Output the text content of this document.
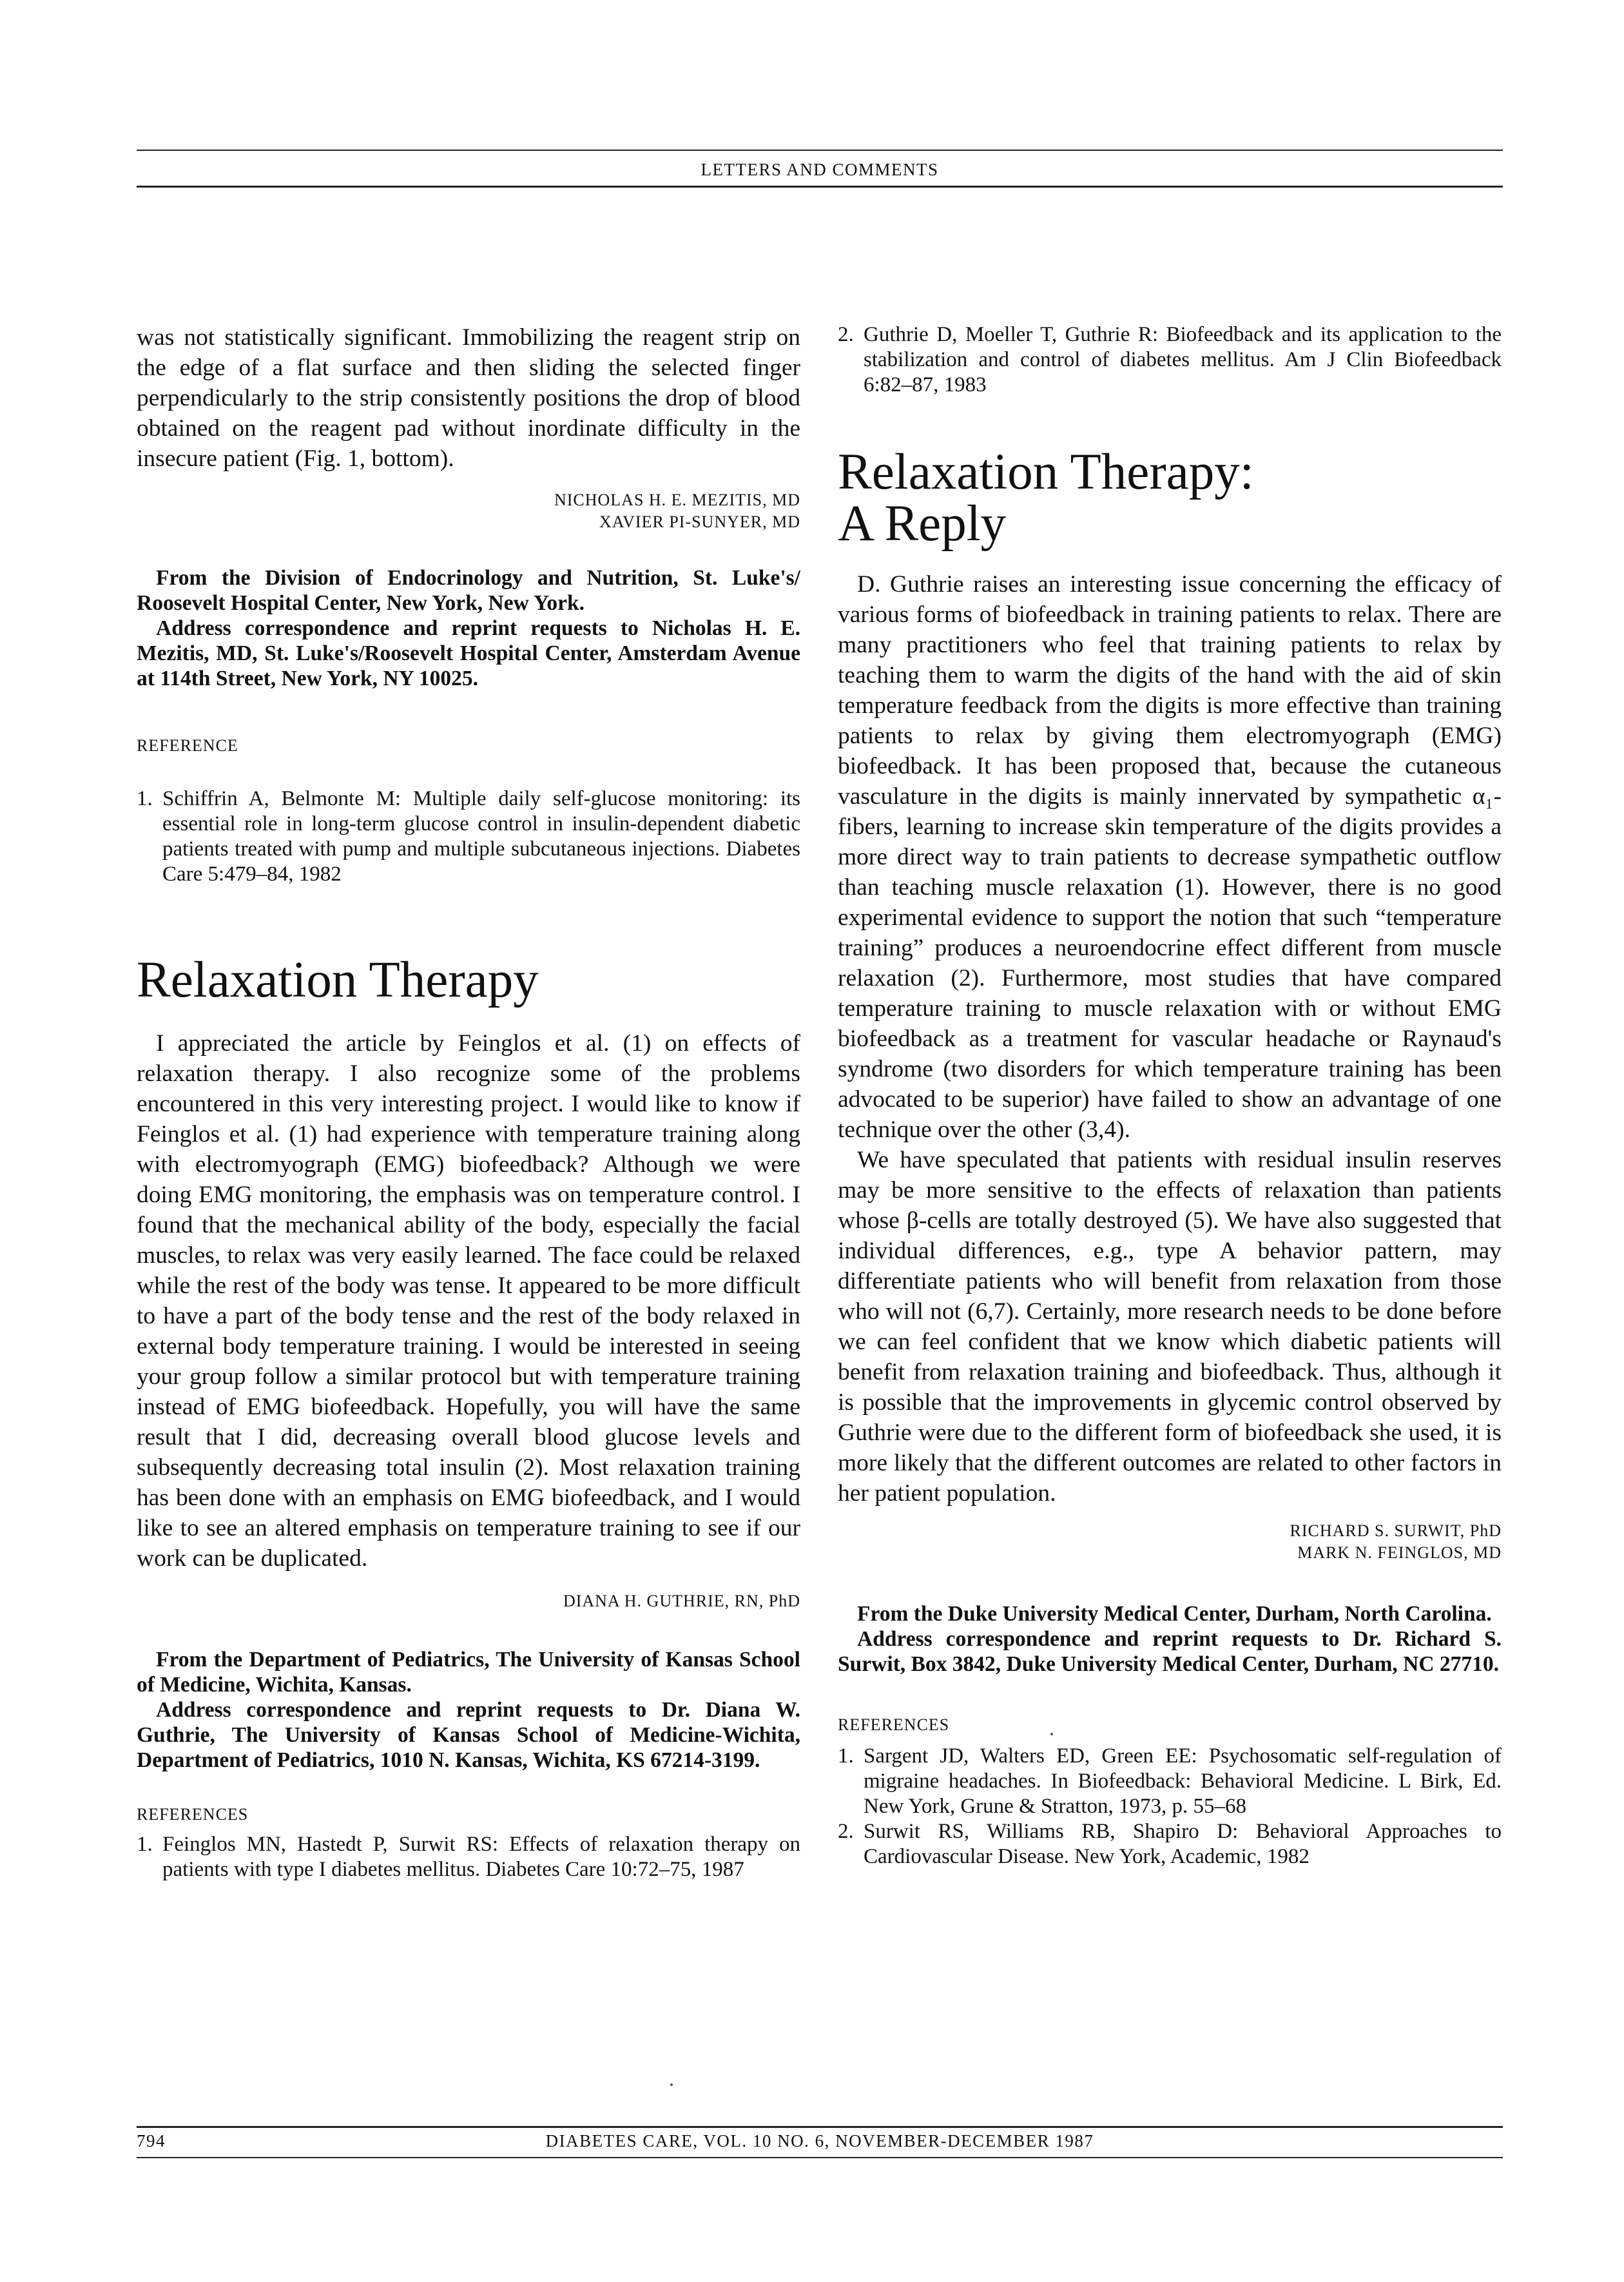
LETTERS AND COMMENTS

was not statistically significant. Immobilizing the reagent strip on the edge of a flat surface and then sliding the selected finger perpendicularly to the strip consistently positions the drop of blood obtained on the reagent pad without inordinate difficulty in the insecure patient (Fig. 1, bottom).

NICHOLAS H. E. MEZITIS, MD

XAVIER PI-SUNYER, MD

From the Division of Endocrinology and Nutrition, St. Luke's/ Roosevelt Hospital Center, New York, New York.

Address correspondence and reprint requests to Nicholas H. E. Mezitis, MD, St. Luke's/Roosevelt Hospital Center, Amsterdam Avenue at 114th Street, New York, NY 10025.

REFERENCE

1. Schiffrin A, Belmonte M: Multiple daily self-glucose monitoring: its essential role in long-term glucose control in insulin-dependent diabetic patients treated with pump and multiple subcutaneous injections. Diabetes Care 5:479–84, 1982
Relaxation Therapy

I appreciated the article by Feinglos et al. (1) on effects of relaxation therapy. I also recognize some of the problems encountered in this very interesting project. I would like to know if Feinglos et al. (1) had experience with temperature training along with electromyograph (EMG) biofeedback? Although we were doing EMG monitoring, the emphasis was on temperature control. I found that the mechanical ability of the body, especially the facial muscles, to relax was very easily learned. The face could be relaxed while the rest of the body was tense. It appeared to be more difficult to have a part of the body tense and the rest of the body relaxed in external body temperature training. I would be interested in seeing your group follow a similar protocol but with temperature training instead of EMG biofeedback. Hopefully, you will have the same result that I did, decreasing overall blood glucose levels and subsequently decreasing total insulin (2). Most relaxation training has been done with an emphasis on EMG biofeedback, and I would like to see an altered emphasis on temperature training to see if our work can be duplicated.

DIANA H. GUTHRIE, RN, PhD

From the Department of Pediatrics, The University of Kansas School of Medicine, Wichita, Kansas.

Address correspondence and reprint requests to Dr. Diana W. Guthrie, The University of Kansas School of Medicine-Wichita, Department of Pediatrics, 1010 N. Kansas, Wichita, KS 67214-3199.

REFERENCES

1. Feinglos MN, Hastedt P, Surwit RS: Effects of relaxation therapy on patients with type I diabetes mellitus. Diabetes Care 10:72–75, 1987
2. Guthrie D, Moeller T, Guthrie R: Biofeedback and its application to the stabilization and control of diabetes mellitus. Am J Clin Biofeedback 6:82–87, 1983
Relaxation Therapy:
A Reply

D. Guthrie raises an interesting issue concerning the efficacy of various forms of biofeedback in training patients to relax. There are many practitioners who feel that training patients to relax by teaching them to warm the digits of the hand with the aid of skin temperature feedback from the digits is more effective than training patients to relax by giving them electromyograph (EMG) biofeedback. It has been proposed that, because the cutaneous vasculature in the digits is mainly innervated by sympathetic α₁-fibers, learning to increase skin temperature of the digits provides a more direct way to train patients to decrease sympathetic outflow than teaching muscle relaxation (1). However, there is no good experimental evidence to support the notion that such “temperature training” produces a neuroendocrine effect different from muscle relaxation (2). Furthermore, most studies that have compared temperature training to muscle relaxation with or without EMG biofeedback as a treatment for vascular headache or Raynaud's syndrome (two disorders for which temperature training has been advocated to be superior) have failed to show an advantage of one technique over the other (3,4).

We have speculated that patients with residual insulin reserves may be more sensitive to the effects of relaxation than patients whose β-cells are totally destroyed (5). We have also suggested that individual differences, e.g., type A behavior pattern, may differentiate patients who will benefit from relaxation from those who will not (6,7). Certainly, more research needs to be done before we can feel confident that we know which diabetic patients will benefit from relaxation training and biofeedback. Thus, although it is possible that the improvements in glycemic control observed by Guthrie were due to the different form of biofeedback she used, it is more likely that the different outcomes are related to other factors in her patient population.

RICHARD S. SURWIT, PhD

MARK N. FEINGLOS, MD

From the Duke University Medical Center, Durham, North Carolina.

Address correspondence and reprint requests to Dr. Richard S. Surwit, Box 3842, Duke University Medical Center, Durham, NC 27710.

REFERENCES

1. Sargent JD, Walters ED, Green EE: Psychosomatic self-regulation of migraine headaches. In Biofeedback: Behavioral Medicine. L Birk, Ed. New York, Grune & Stratton, 1973, p. 55–68
2. Surwit RS, Williams RB, Shapiro D: Behavioral Approaches to Cardiovascular Disease. New York, Academic, 1982
794	DIABETES CARE, VOL. 10 NO. 6, NOVEMBER-DECEMBER 1987
